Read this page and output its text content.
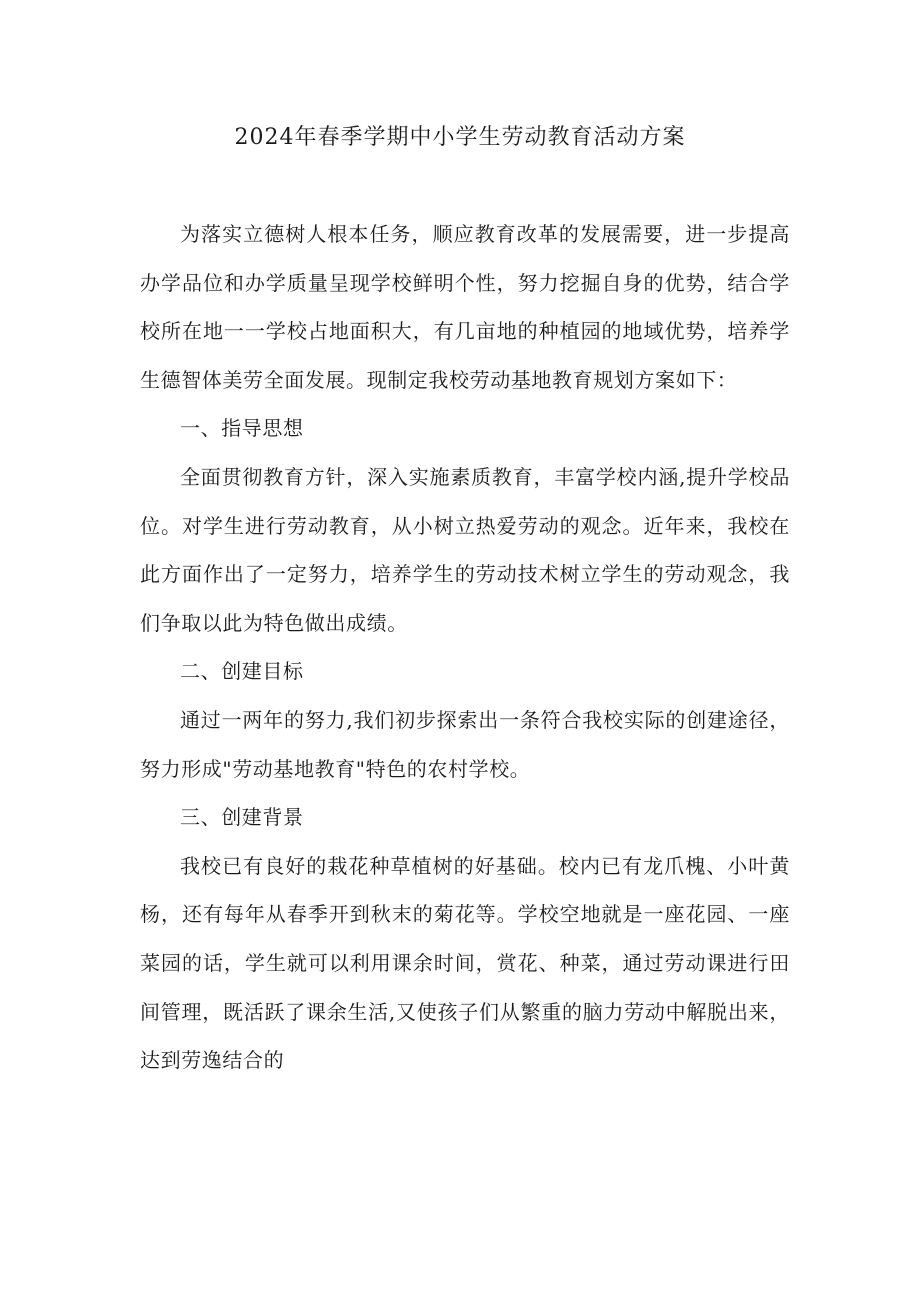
2024年春季学期中小学生劳动教育活动方案

为落实立德树人根本任务，顺应教育改革的发展需要，进一步提高办学品位和办学质量呈现学校鲜明个性，努力挖掘自身的优势，结合学校所在地一一学校占地面积大，有几亩地的种植园的地域优势，培养学生德智体美劳全面发展。现制定我校劳动基地教育规划方案如下：

一、指导思想

全面贯彻教育方针，深入实施素质教育，丰富学校内涵,提升学校品位。对学生进行劳动教育，从小树立热爱劳动的观念。近年来，我校在此方面作出了一定努力，培养学生的劳动技术树立学生的劳动观念，我们争取以此为特色做出成绩。

二、创建目标

通过一两年的努力,我们初步探索出一条符合我校实际的创建途径，努力形成"劳动基地教育"特色的农村学校。

三、创建背景

我校已有良好的栽花种草植树的好基础。校内已有龙爪槐、小叶黄杨，还有每年从春季开到秋末的菊花等。学校空地就是一座花园、一座菜园的话，学生就可以利用课余时间，赏花、种菜，通过劳动课进行田间管理，既活跃了课余生活,又使孩子们从繁重的脑力劳动中解脱出来，达到劳逸结合的
